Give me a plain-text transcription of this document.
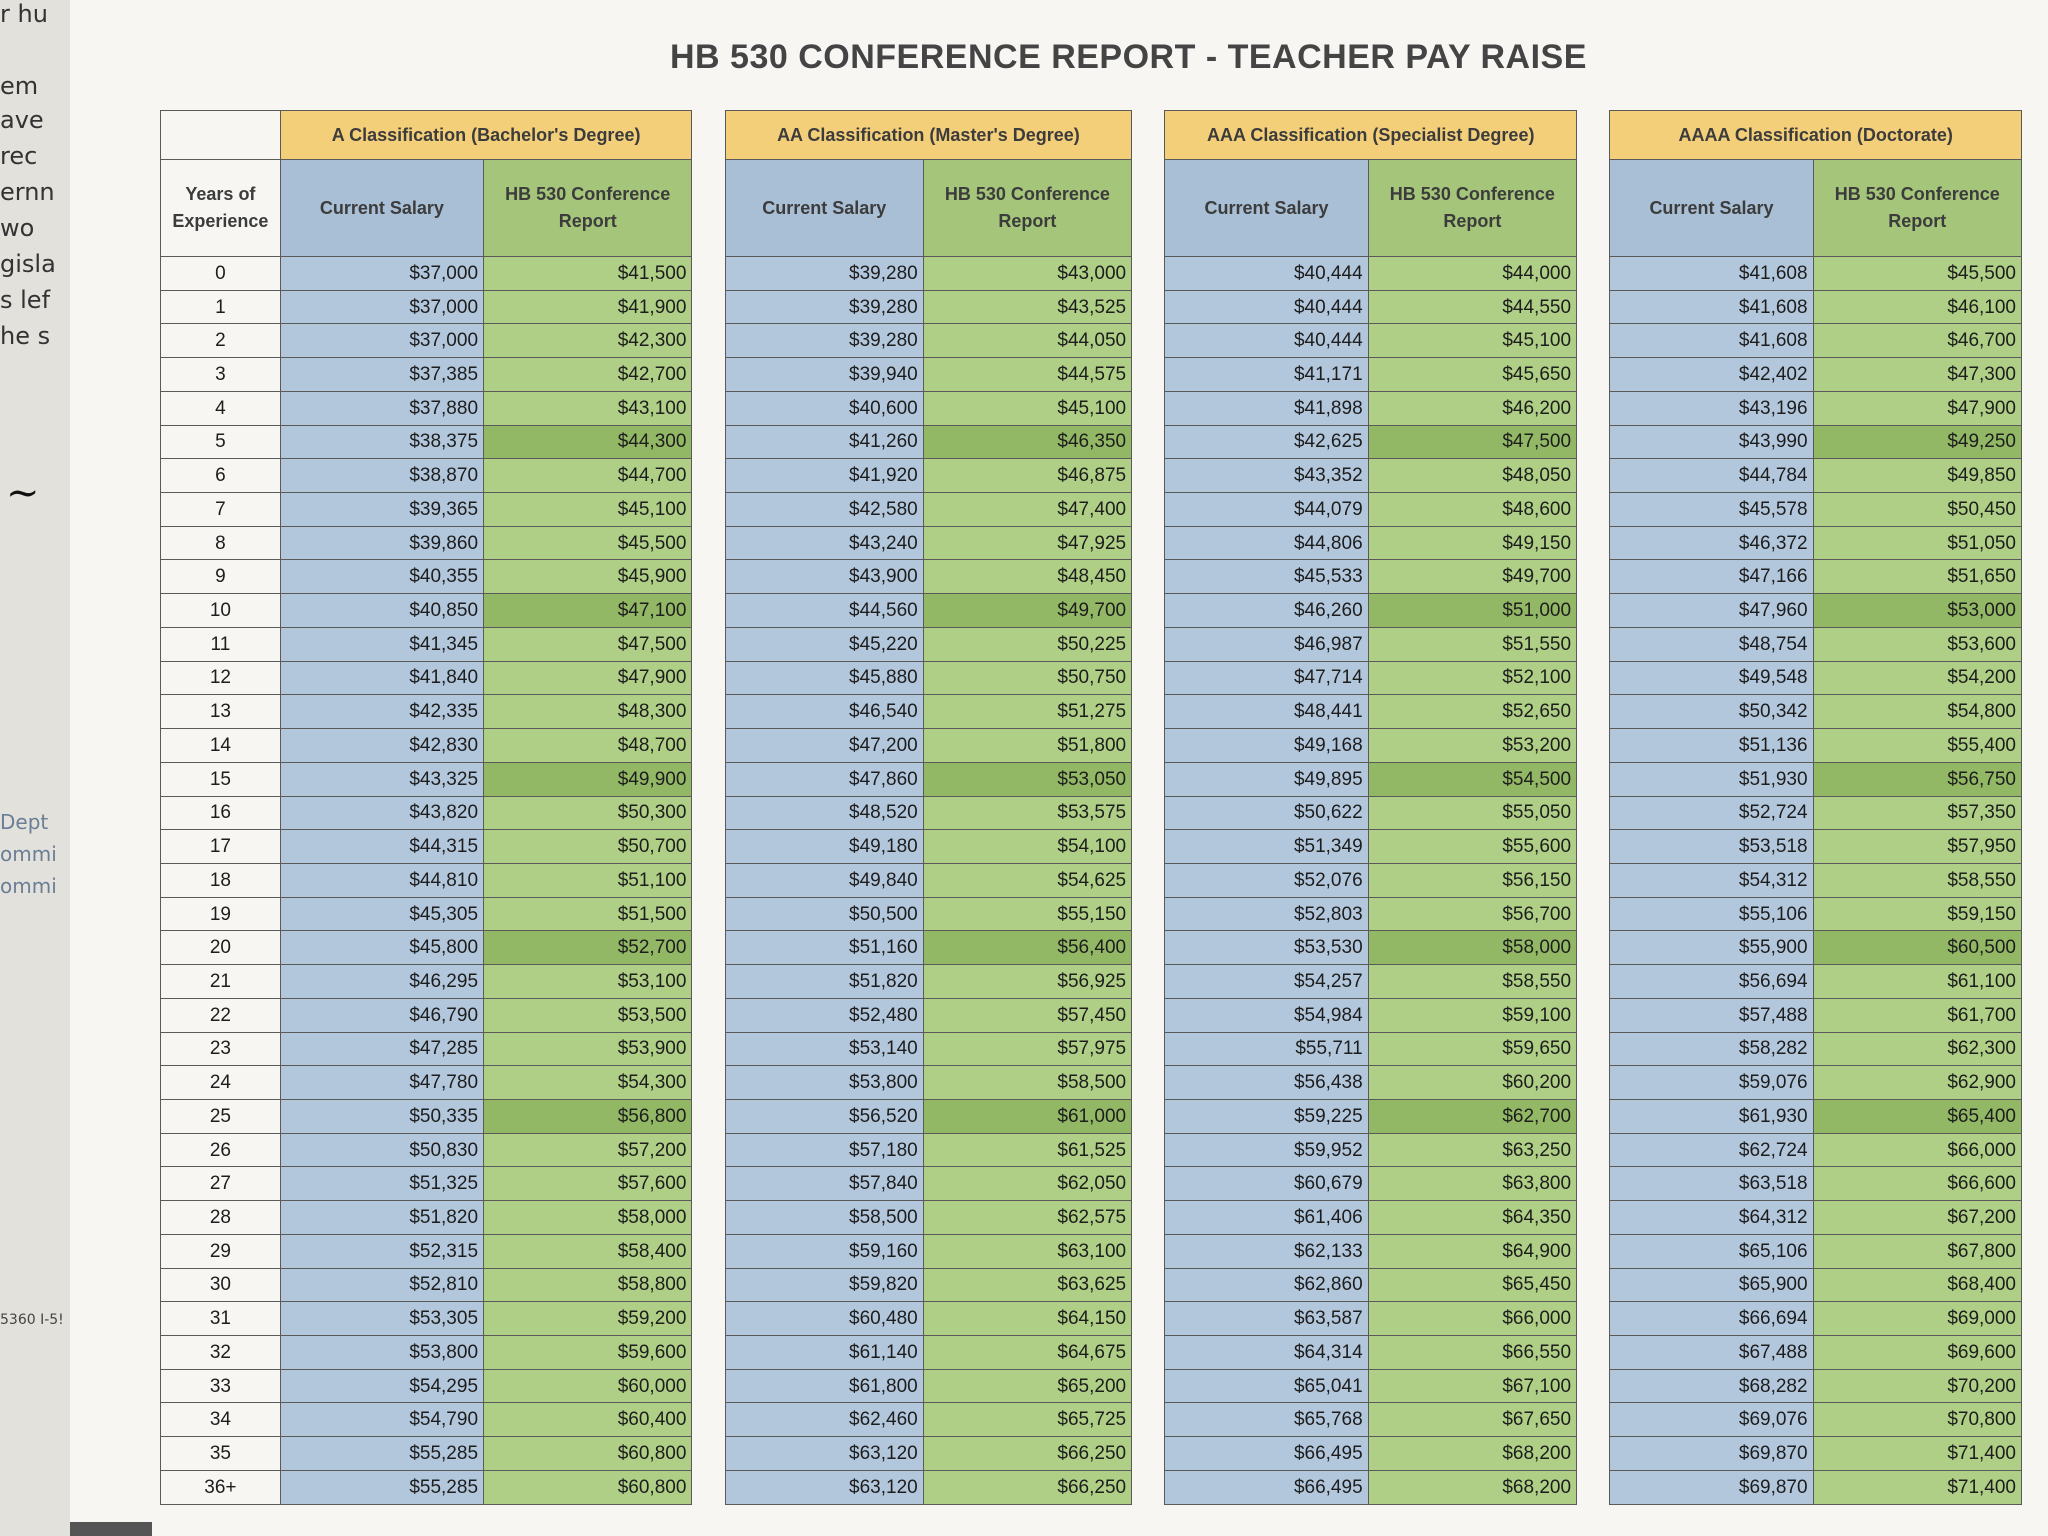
r hu
em
ave
rec
ernn
wo
gisla
s lef
he s
~
Dept
ommi
ommi
5360 I-5!
HB 530 CONFERENCE REPORT - TEACHER PAY RAISE
	A Classification (Bachelor's Degree)			AA Classification (Master's Degree)			AAA Classification (Specialist Degree)			AAAA Classification (Doctorate)	
Years of Experience	Current Salary	HB 530 Conference Report		Current Salary	HB 530 Conference Report		Current Salary	HB 530 Conference Report		Current Salary	HB 530 Conference Report
0	$37,000	$41,500		$39,280	$43,000		$40,444	$44,000		$41,608	$45,500
1	$37,000	$41,900		$39,280	$43,525		$40,444	$44,550		$41,608	$46,100
2	$37,000	$42,300		$39,280	$44,050		$40,444	$45,100		$41,608	$46,700
3	$37,385	$42,700		$39,940	$44,575		$41,171	$45,650		$42,402	$47,300
4	$37,880	$43,100		$40,600	$45,100		$41,898	$46,200		$43,196	$47,900
5	$38,375	$44,300		$41,260	$46,350		$42,625	$47,500		$43,990	$49,250
6	$38,870	$44,700		$41,920	$46,875		$43,352	$48,050		$44,784	$49,850
7	$39,365	$45,100		$42,580	$47,400		$44,079	$48,600		$45,578	$50,450
8	$39,860	$45,500		$43,240	$47,925		$44,806	$49,150		$46,372	$51,050
9	$40,355	$45,900		$43,900	$48,450		$45,533	$49,700		$47,166	$51,650
10	$40,850	$47,100		$44,560	$49,700		$46,260	$51,000		$47,960	$53,000
11	$41,345	$47,500		$45,220	$50,225		$46,987	$51,550		$48,754	$53,600
12	$41,840	$47,900		$45,880	$50,750		$47,714	$52,100		$49,548	$54,200
13	$42,335	$48,300		$46,540	$51,275		$48,441	$52,650		$50,342	$54,800
14	$42,830	$48,700		$47,200	$51,800		$49,168	$53,200		$51,136	$55,400
15	$43,325	$49,900		$47,860	$53,050		$49,895	$54,500		$51,930	$56,750
16	$43,820	$50,300		$48,520	$53,575		$50,622	$55,050		$52,724	$57,350
17	$44,315	$50,700		$49,180	$54,100		$51,349	$55,600		$53,518	$57,950
18	$44,810	$51,100		$49,840	$54,625		$52,076	$56,150		$54,312	$58,550
19	$45,305	$51,500		$50,500	$55,150		$52,803	$56,700		$55,106	$59,150
20	$45,800	$52,700		$51,160	$56,400		$53,530	$58,000		$55,900	$60,500
21	$46,295	$53,100		$51,820	$56,925		$54,257	$58,550		$56,694	$61,100
22	$46,790	$53,500		$52,480	$57,450		$54,984	$59,100		$57,488	$61,700
23	$47,285	$53,900		$53,140	$57,975		$55,711	$59,650		$58,282	$62,300
24	$47,780	$54,300		$53,800	$58,500		$56,438	$60,200		$59,076	$62,900
25	$50,335	$56,800		$56,520	$61,000		$59,225	$62,700		$61,930	$65,400
26	$50,830	$57,200		$57,180	$61,525		$59,952	$63,250		$62,724	$66,000
27	$51,325	$57,600		$57,840	$62,050		$60,679	$63,800		$63,518	$66,600
28	$51,820	$58,000		$58,500	$62,575		$61,406	$64,350		$64,312	$67,200
29	$52,315	$58,400		$59,160	$63,100		$62,133	$64,900		$65,106	$67,800
30	$52,810	$58,800		$59,820	$63,625		$62,860	$65,450		$65,900	$68,400
31	$53,305	$59,200		$60,480	$64,150		$63,587	$66,000		$66,694	$69,000
32	$53,800	$59,600		$61,140	$64,675		$64,314	$66,550		$67,488	$69,600
33	$54,295	$60,000		$61,800	$65,200		$65,041	$67,100		$68,282	$70,200
34	$54,790	$60,400		$62,460	$65,725		$65,768	$67,650		$69,076	$70,800
35	$55,285	$60,800		$63,120	$66,250		$66,495	$68,200		$69,870	$71,400
36+	$55,285	$60,800		$63,120	$66,250		$66,495	$68,200		$69,870	$71,400
